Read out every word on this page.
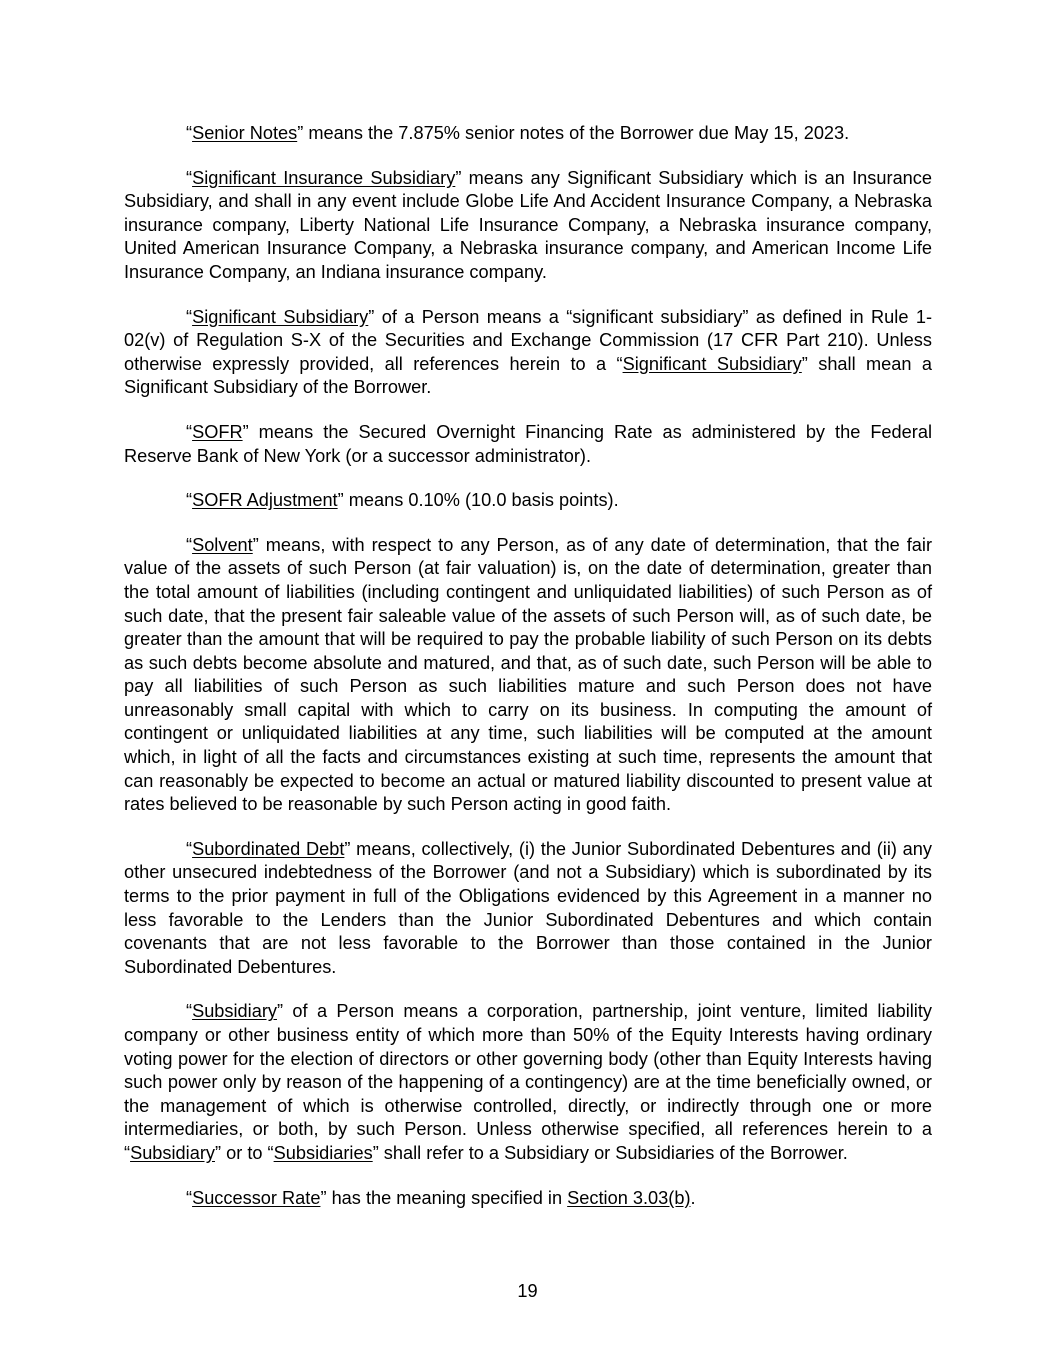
“Senior Notes” means the 7.875% senior notes of the Borrower due May 15, 2023.

“Significant Insurance Subsidiary” means any Significant Subsidiary which is an Insurance Subsidiary, and shall in any event include Globe Life And Accident Insurance Company, a Nebraska insurance company, Liberty National Life Insurance Company, a Nebraska insurance company, United American Insurance Company, a Nebraska insurance company, and American Income Life Insurance Company, an Indiana insurance company.

“Significant Subsidiary” of a Person means a “significant subsidiary” as defined in Rule 1-02(v) of Regulation S-X of the Securities and Exchange Commission (17 CFR Part 210). Unless otherwise expressly provided, all references herein to a “Significant Subsidiary” shall mean a Significant Subsidiary of the Borrower.

“SOFR” means the Secured Overnight Financing Rate as administered by the Federal Reserve Bank of New York (or a successor administrator).

“SOFR Adjustment” means 0.10% (10.0 basis points).

“Solvent” means, with respect to any Person, as of any date of determination, that the fair value of the assets of such Person (at fair valuation) is, on the date of determination, greater than the total amount of liabilities (including contingent and unliquidated liabilities) of such Person as of such date, that the present fair saleable value of the assets of such Person will, as of such date, be greater than the amount that will be required to pay the probable liability of such Person on its debts as such debts become absolute and matured, and that, as of such date, such Person will be able to pay all liabilities of such Person as such liabilities mature and such Person does not have unreasonably small capital with which to carry on its business. In computing the amount of contingent or unliquidated liabilities at any time, such liabilities will be computed at the amount which, in light of all the facts and circumstances existing at such time, represents the amount that can reasonably be expected to become an actual or matured liability discounted to present value at rates believed to be reasonable by such Person acting in good faith.

“Subordinated Debt” means, collectively, (i) the Junior Subordinated Debentures and (ii) any other unsecured indebtedness of the Borrower (and not a Subsidiary) which is subordinated by its terms to the prior payment in full of the Obligations evidenced by this Agreement in a manner no less favorable to the Lenders than the Junior Subordinated Debentures and which contain covenants that are not less favorable to the Borrower than those contained in the Junior Subordinated Debentures.

“Subsidiary” of a Person means a corporation, partnership, joint venture, limited liability company or other business entity of which more than 50% of the Equity Interests having ordinary voting power for the election of directors or other governing body (other than Equity Interests having such power only by reason of the happening of a contingency) are at the time beneficially owned, or the management of which is otherwise controlled, directly, or indirectly through one or more intermediaries, or both, by such Person. Unless otherwise specified, all references herein to a “Subsidiary” or to “Subsidiaries” shall refer to a Subsidiary or Subsidiaries of the Borrower.

“Successor Rate” has the meaning specified in Section 3.03(b).

19
